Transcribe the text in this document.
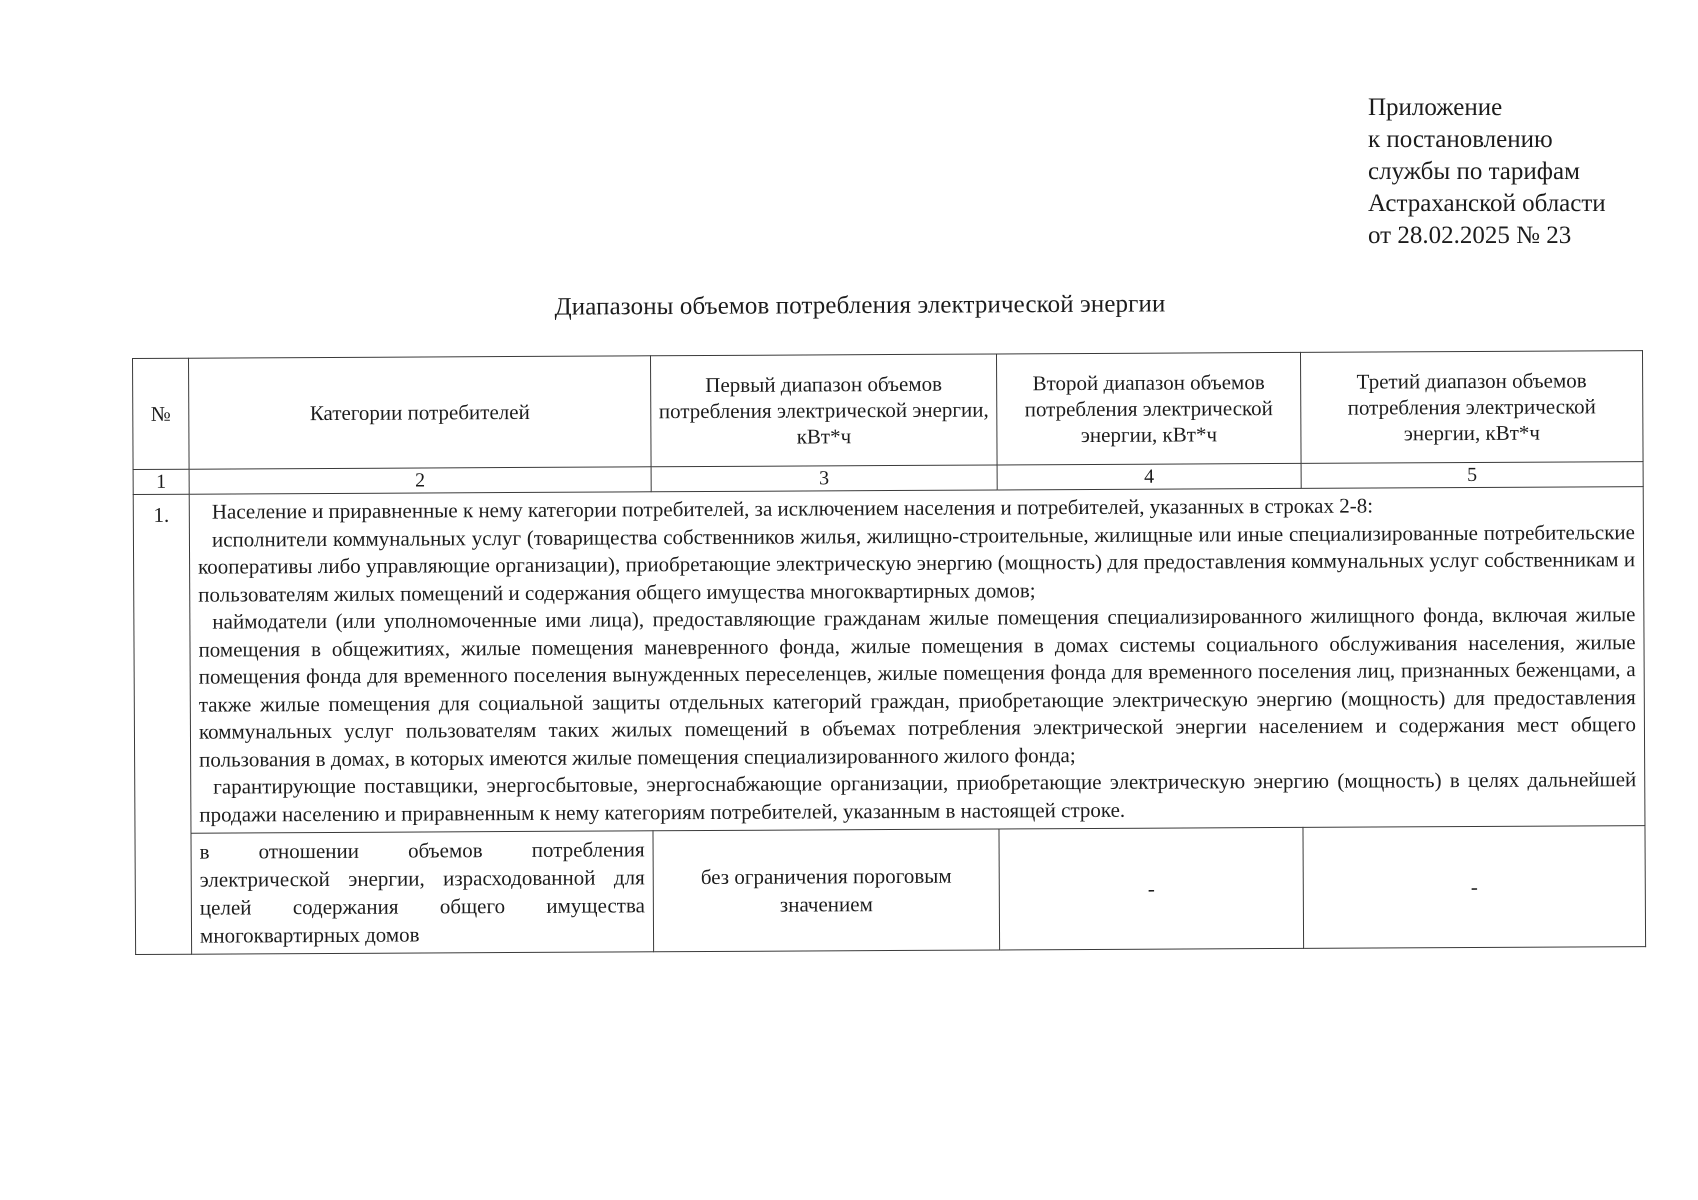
Приложение
к постановлению
службы по тарифам
Астраханской области
от 28.02.2025 № 23
Диапазоны объемов потребления электрической энергии
№	Категории потребителей	Первый диапазон объемов потребления электрической энергии, кВт*ч	Второй диапазон объемов потребления электрической энергии, кВт*ч	Третий диапазон объемов потребления электрической энергии, кВт*ч
1	2	3	4	5
1.	Население и приравненные к нему категории потребителей, за исключением населения и потребителей, указанных в строках 2-8:

исполнители коммунальных услуг (товарищества собственников жилья, жилищно-строительные, жилищные или иные специализированные потребительские кооперативы либо управляющие организации), приобретающие электрическую энергию (мощность) для предоставления коммунальных услуг собственникам и пользователям жилых помещений и содержания общего имущества многоквартирных домов;

наймодатели (или уполномоченные ими лица), предоставляющие гражданам жилые помещения специализированного жилищного фонда, включая жилые помещения в общежитиях, жилые помещения маневренного фонда, жилые помещения в домах системы социального обслуживания населения, жилые помещения фонда для временного поселения вынужденных переселенцев, жилые помещения фонда для временного поселения лиц, признанных беженцами, а также жилые помещения для социальной защиты отдельных категорий граждан, приобретающие электрическую энергию (мощность) для предоставления коммунальных услуг пользователям таких жилых помещений в объемах потребления электрической энергии населением и содержания мест общего пользования в домах, в которых имеются жилые помещения специализированного жилого фонда;

гарантирующие поставщики, энергосбытовые, энергоснабжающие организации, приобретающие электрическую энергию (мощность) в целях дальнейшей продажи населению и приравненным к нему категориям потребителей, указанным в настоящей строке.			

	в отношении объемов потребления электрической энергии, израсходованной для целей содержания общего имущества многоквартирных домов	без ограничения пороговым значением	-	-
